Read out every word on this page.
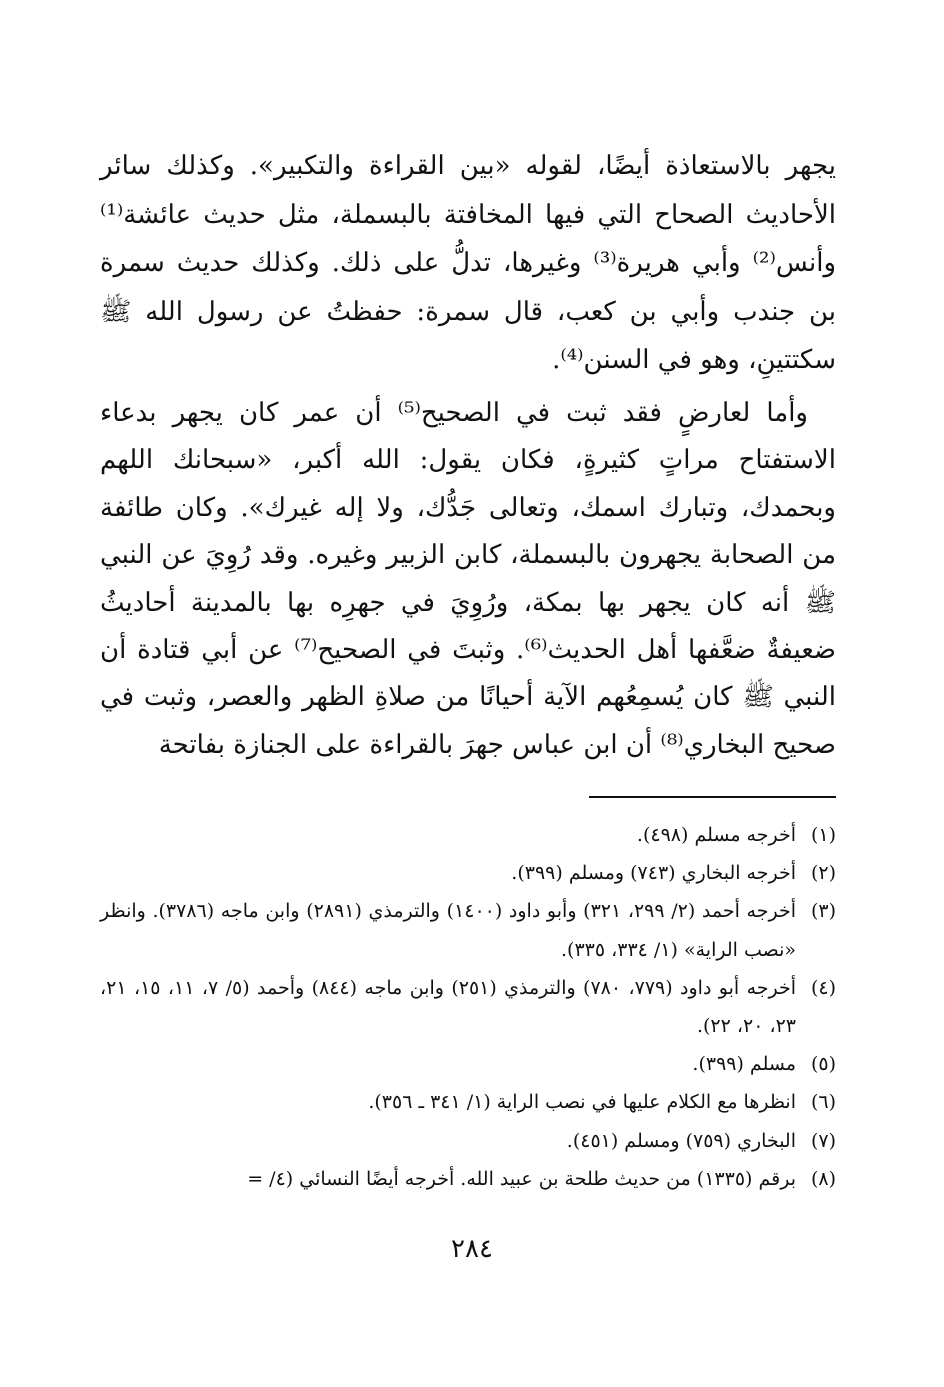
يجهر بالاستعاذة أيضًا، لقوله «بين القراءة والتكبير». وكذلك سائر الأحاديث الصحاح التي فيها المخافتة بالبسملة، مثل حديث عائشة⁽¹⁾ وأنس⁽²⁾ وأبي هريرة⁽³⁾ وغيرها، تدلُّ على ذلك. وكذلك حديث سمرة بن جندب وأبي بن كعب، قال سمرة: حفظتُ عن رسول الله ﷺ سكتتينِ، وهو في السنن⁽⁴⁾.

وأما لعارضٍ فقد ثبت في الصحيح⁽⁵⁾ أن عمر كان يجهر بدعاء الاستفتاح مراتٍ كثيرةٍ، فكان يقول: الله أكبر، «سبحانك اللهم وبحمدك، وتبارك اسمك، وتعالى جَدُّك، ولا إله غيرك». وكان طائفة من الصحابة يجهرون بالبسملة، كابن الزبير وغيره. وقد رُوِيَ عن النبي ﷺ أنه كان يجهر بها بمكة، ورُوِيَ في جهرِه بها بالمدينة أحاديثُ ضعيفةٌ ضعَّفها أهل الحديث⁽⁶⁾. وثبتَ في الصحيح⁽⁷⁾ عن أبي قتادة أن النبي ﷺ كان يُسمِعُهم الآية أحيانًا من صلاةِ الظهر والعصر، وثبت في صحيح البخاري⁽⁸⁾ أن ابن عباس جهرَ بالقراءة على الجنازة بفاتحة

(١)
أخرجه مسلم (٤٩٨).
(٢)
أخرجه البخاري (٧٤٣) ومسلم (٣٩٩).
(٣)
أخرجه أحمد (٢/ ٢٩٩، ٣٢١) وأبو داود (١٤٠٠) والترمذي (٢٨٩١) وابن ماجه (٣٧٨٦). وانظر «نصب الراية» (١/ ٣٣٤، ٣٣٥).
(٤)
أخرجه أبو داود (٧٧٩، ٧٨٠) والترمذي (٢٥١) وابن ماجه (٨٤٤) وأحمد (٥/ ٧، ١١، ١٥، ٢١، ٢٣، ٢٠، ٢٢).
(٥)
مسلم (٣٩٩).
(٦)
انظرها مع الكلام عليها في نصب الراية (١/ ٣٤١ ـ ٣٥٦).
(٧)
البخاري (٧٥٩) ومسلم (٤٥١).
(٨)
برقم (١٣٣٥) من حديث طلحة بن عبيد الله. أخرجه أيضًا النسائي (٤/ =
٢٨٤
